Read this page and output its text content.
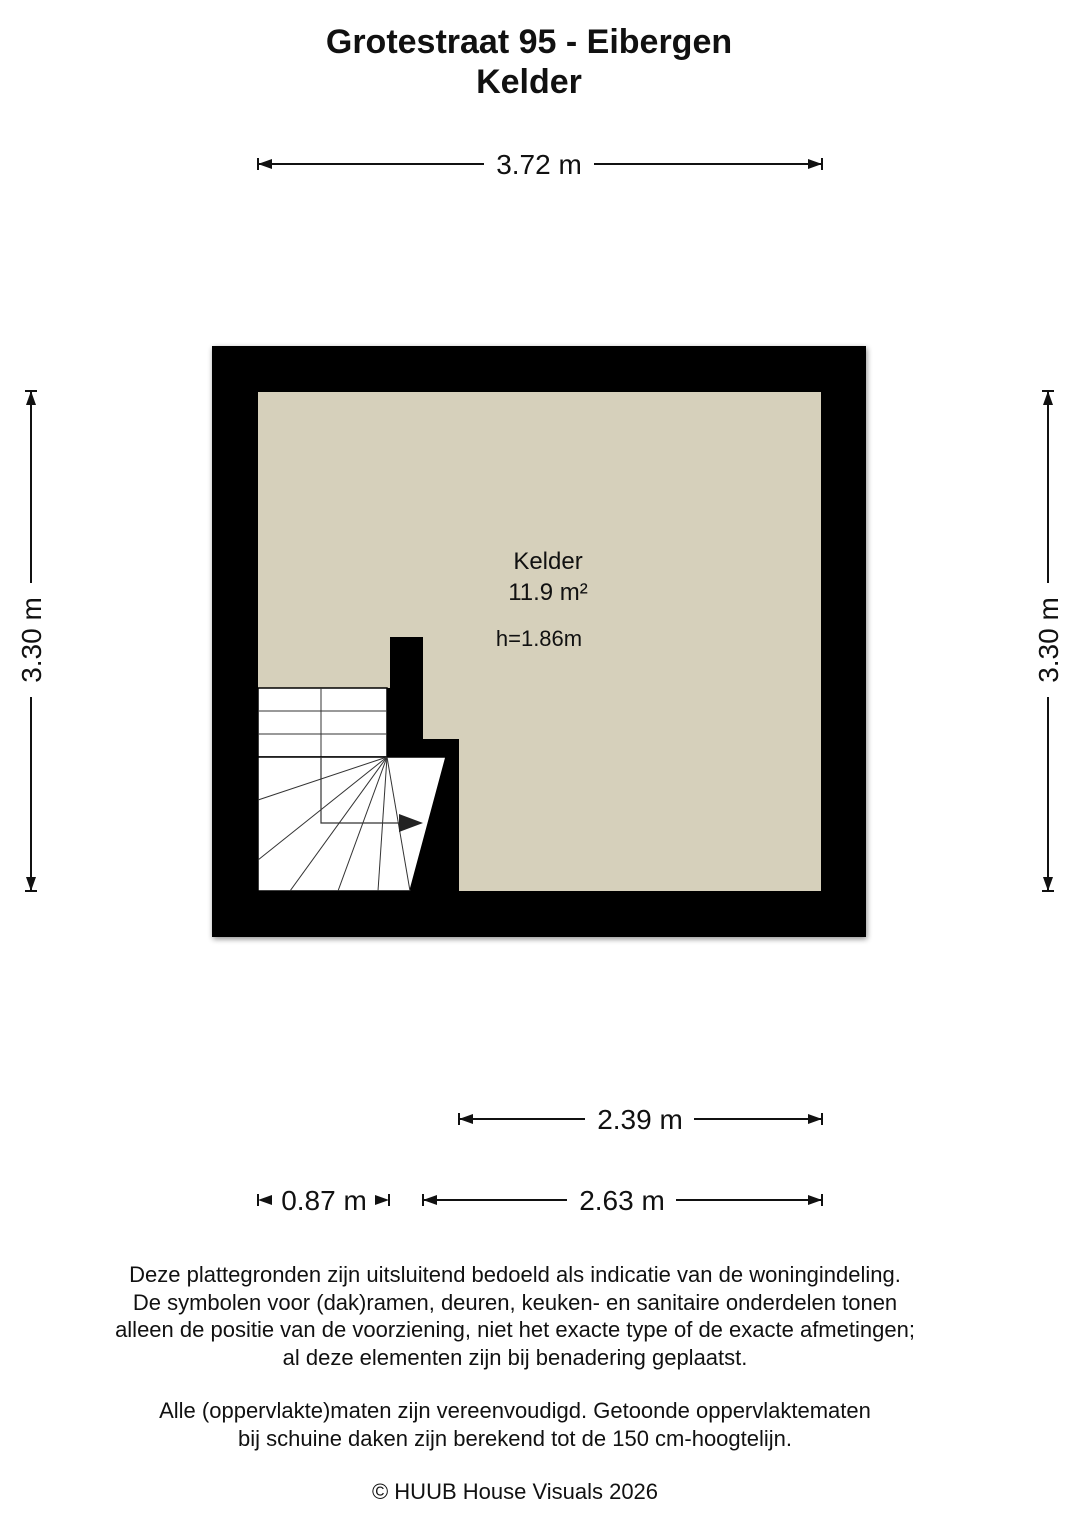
Grotestraat 95 - Eibergen
Kelder
3.72 m
3.30 m	3.30 m
Kelder
11.9 m²
h=1.86m
2.39 m
0.87 m	2.63 m
Deze plattegronden zijn uitsluitend bedoeld als indicatie van de woningindeling.
De symbolen voor (dak)ramen, deuren, keuken- en sanitaire onderdelen tonen
alleen de positie van de voorziening, niet het exacte type of de exacte afmetingen;
al deze elementen zijn bij benadering geplaatst.
Alle (oppervlakte)maten zijn vereenvoudigd. Getoonde oppervlaktematen
bij schuine daken zijn berekend tot de 150 cm-hoogtelijn.
© HUUB House Visuals 2026
